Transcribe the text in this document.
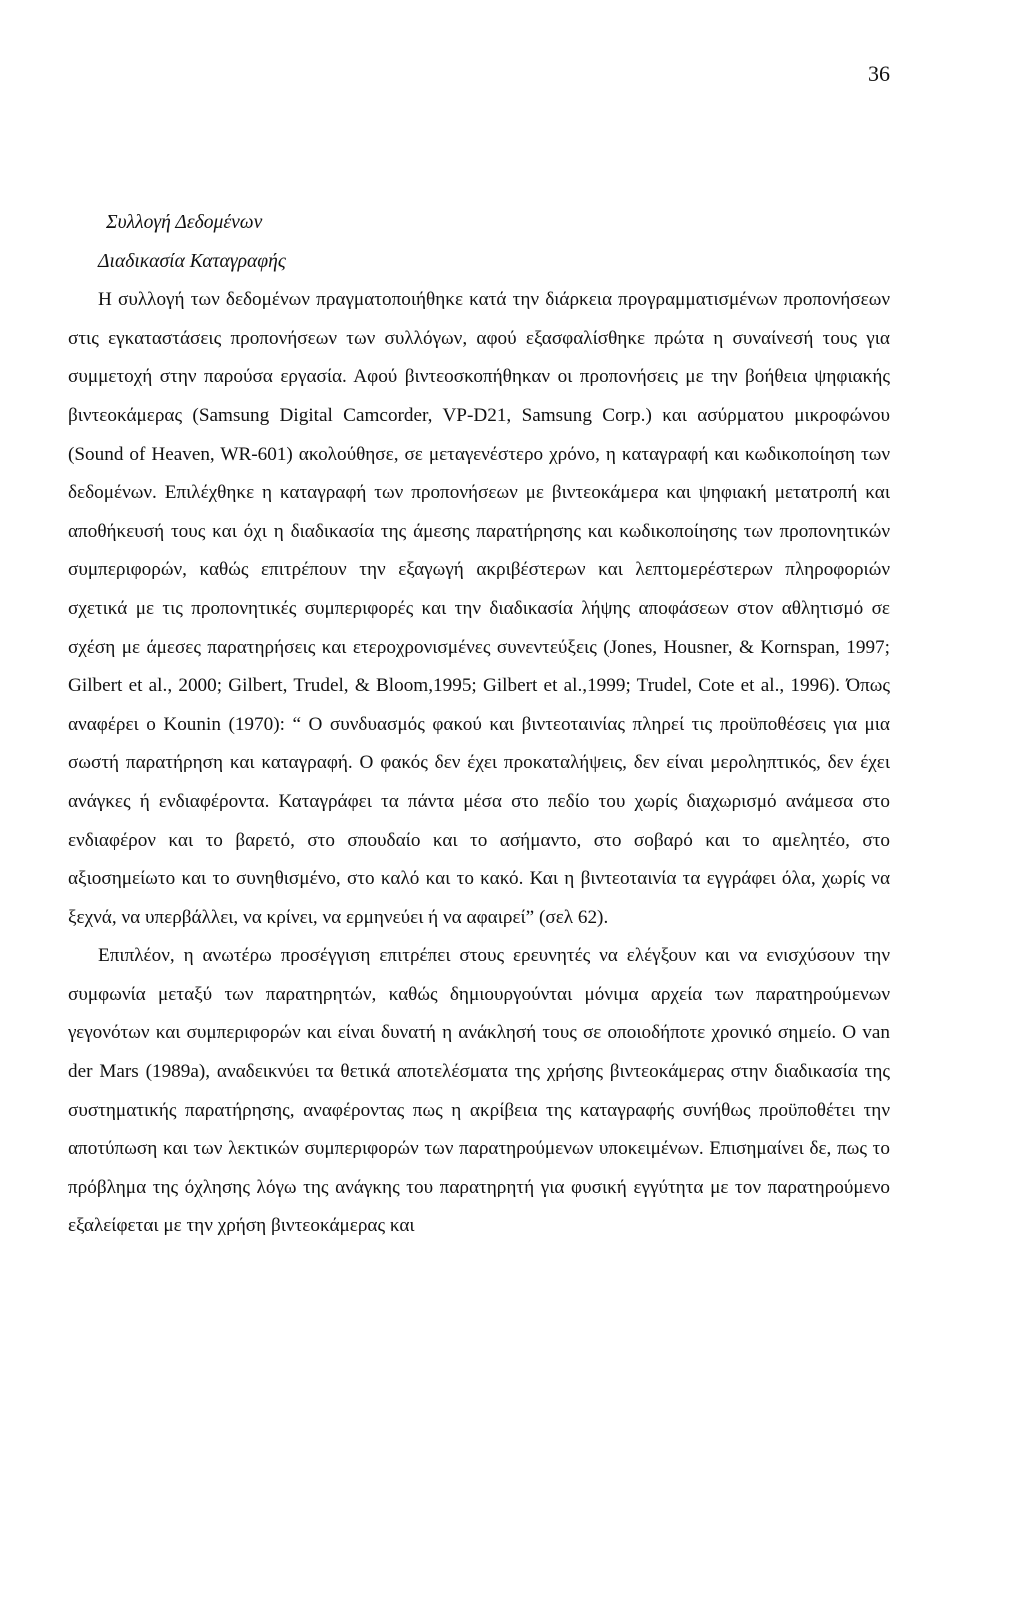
36
Συλλογή Δεδομένων
Διαδικασία Καταγραφής

Η συλλογή των δεδομένων πραγματοποιήθηκε κατά την διάρκεια προγραμματισμένων προπονήσεων στις εγκαταστάσεις προπονήσεων των συλλόγων, αφού εξασφαλίσθηκε πρώτα η συναίνεσή τους για συμμετοχή στην παρούσα εργασία. Αφού βιντεοσκοπήθηκαν οι προπονήσεις με την βοήθεια ψηφιακής βιντεοκάμερας (Samsung Digital Camcorder, VP-D21, Samsung Corp.) και ασύρματου μικροφώνου (Sound of Heaven, WR-601) ακολούθησε, σε μεταγενέστερο χρόνο, η καταγραφή και κωδικοποίηση των δεδομένων. Επιλέχθηκε η καταγραφή των προπονήσεων με βιντεοκάμερα και ψηφιακή μετατροπή και αποθήκευσή τους και όχι η διαδικασία της άμεσης παρατήρησης και κωδικοποίησης των προπονητικών συμπεριφορών, καθώς επιτρέπουν την εξαγωγή ακριβέστερων και λεπτομερέστερων πληροφοριών σχετικά με τις προπονητικές συμπεριφορές και την διαδικασία λήψης αποφάσεων στον αθλητισμό σε σχέση με άμεσες παρατηρήσεις και ετεροχρονισμένες συνεντεύξεις (Jones, Housner, & Kornspan, 1997; Gilbert et al., 2000; Gilbert, Trudel, & Bloom,1995; Gilbert et al.,1999; Trudel, Cote et al., 1996). Όπως αναφέρει ο Kounin (1970): “ Ο συνδυασμός φακού και βιντεοταινίας πληρεί τις προϋποθέσεις για μια σωστή παρατήρηση και καταγραφή. Ο φακός δεν έχει προκαταλήψεις, δεν είναι μεροληπτικός, δεν έχει ανάγκες ή ενδιαφέροντα. Καταγράφει τα πάντα μέσα στο πεδίο του χωρίς διαχωρισμό ανάμεσα στο ενδιαφέρον και το βαρετό, στο σπουδαίο και το ασήμαντο, στο σοβαρό και το αμελητέο, στο αξιοσημείωτο και το συνηθισμένο, στο καλό και το κακό. Και η βιντεοταινία τα εγγράφει όλα, χωρίς να ξεχνά, να υπερβάλλει, να κρίνει, να ερμηνεύει ή να αφαιρεί” (σελ 62).

Επιπλέον, η ανωτέρω προσέγγιση επιτρέπει στους ερευνητές να ελέγξουν και να ενισχύσουν την συμφωνία μεταξύ των παρατηρητών, καθώς δημιουργούνται μόνιμα αρχεία των παρατηρούμενων γεγονότων και συμπεριφορών και είναι δυνατή η ανάκλησή τους σε οποιοδήποτε χρονικό σημείο. Ο van der Mars (1989a), αναδεικνύει τα θετικά αποτελέσματα της χρήσης βιντεοκάμερας στην διαδικασία της συστηματικής παρατήρησης, αναφέροντας πως η ακρίβεια της καταγραφής συνήθως προϋποθέτει την αποτύπωση και των λεκτικών συμπεριφορών των παρατηρούμενων υποκειμένων. Επισημαίνει δε, πως το πρόβλημα της όχλησης λόγω της ανάγκης του παρατηρητή για φυσική εγγύτητα με τον παρατηρούμενο εξαλείφεται με την χρήση βιντεοκάμερας και
